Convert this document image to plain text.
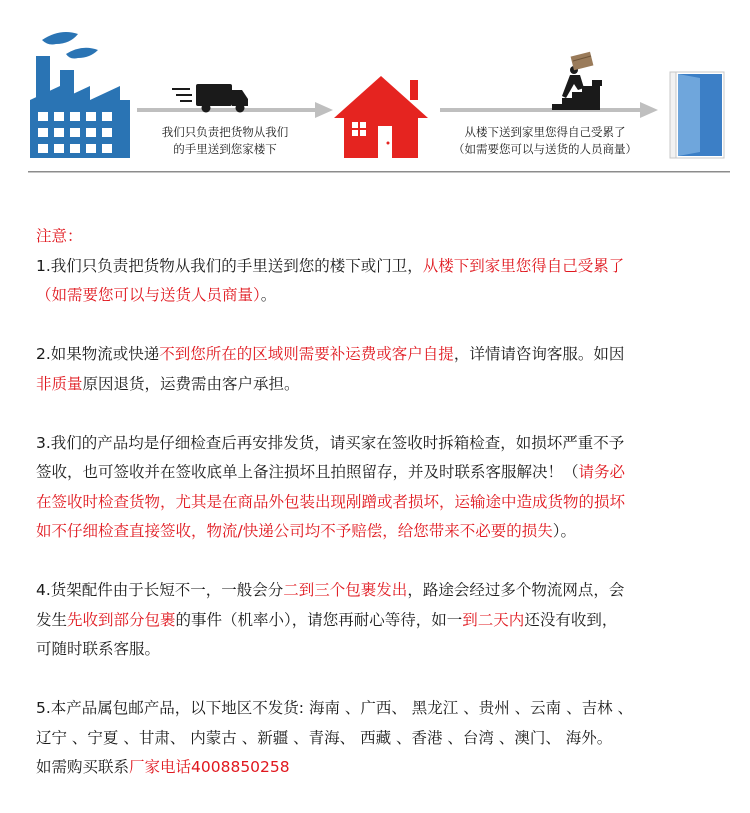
我们只负责把货物从我们
的手里送到您家楼下
从楼下送到家里您得自己受累了
（如需要您可以与送货的人员商量）

注意：

1.我们只负责把货物从我们的手里送到您的楼下或门卫，从楼下到家里您得自己受累了

（如需要您可以与送货人员商量）。

2.如果物流或快递不到您所在的区域则需要补运费或客户自提，详情请咨询客服。如因

非质量原因退货，运费需由客户承担。

3.我们的产品均是仔细检查后再安排发货，请买家在签收时拆箱检查，如损坏严重不予

签收，也可签收并在签收底单上备注损坏且拍照留存，并及时联系客服解决！（请务必

在签收时检查货物，尤其是在商品外包装出现剐蹭或者损坏，运输途中造成货物的损坏

如不仔细检查直接签收，物流/快递公司均不予赔偿，给您带来不必要的损失）。

4.货架配件由于长短不一，一般会分二到三个包裹发出，路途会经过多个物流网点，会

发生先收到部分包裹的事件（机率小），请您再耐心等待，如一到二天内还没有收到，

可随时联系客服。

5.本产品属包邮产品，以下地区不发货: 海南 、广西、 黑龙江 、贵州 、云南 、吉林 、

辽宁 、宁夏 、甘肃、 内蒙古 、新疆 、青海、 西藏 、香港 、台湾 、澳门、 海外。

如需购买联系厂家电话4008850258
